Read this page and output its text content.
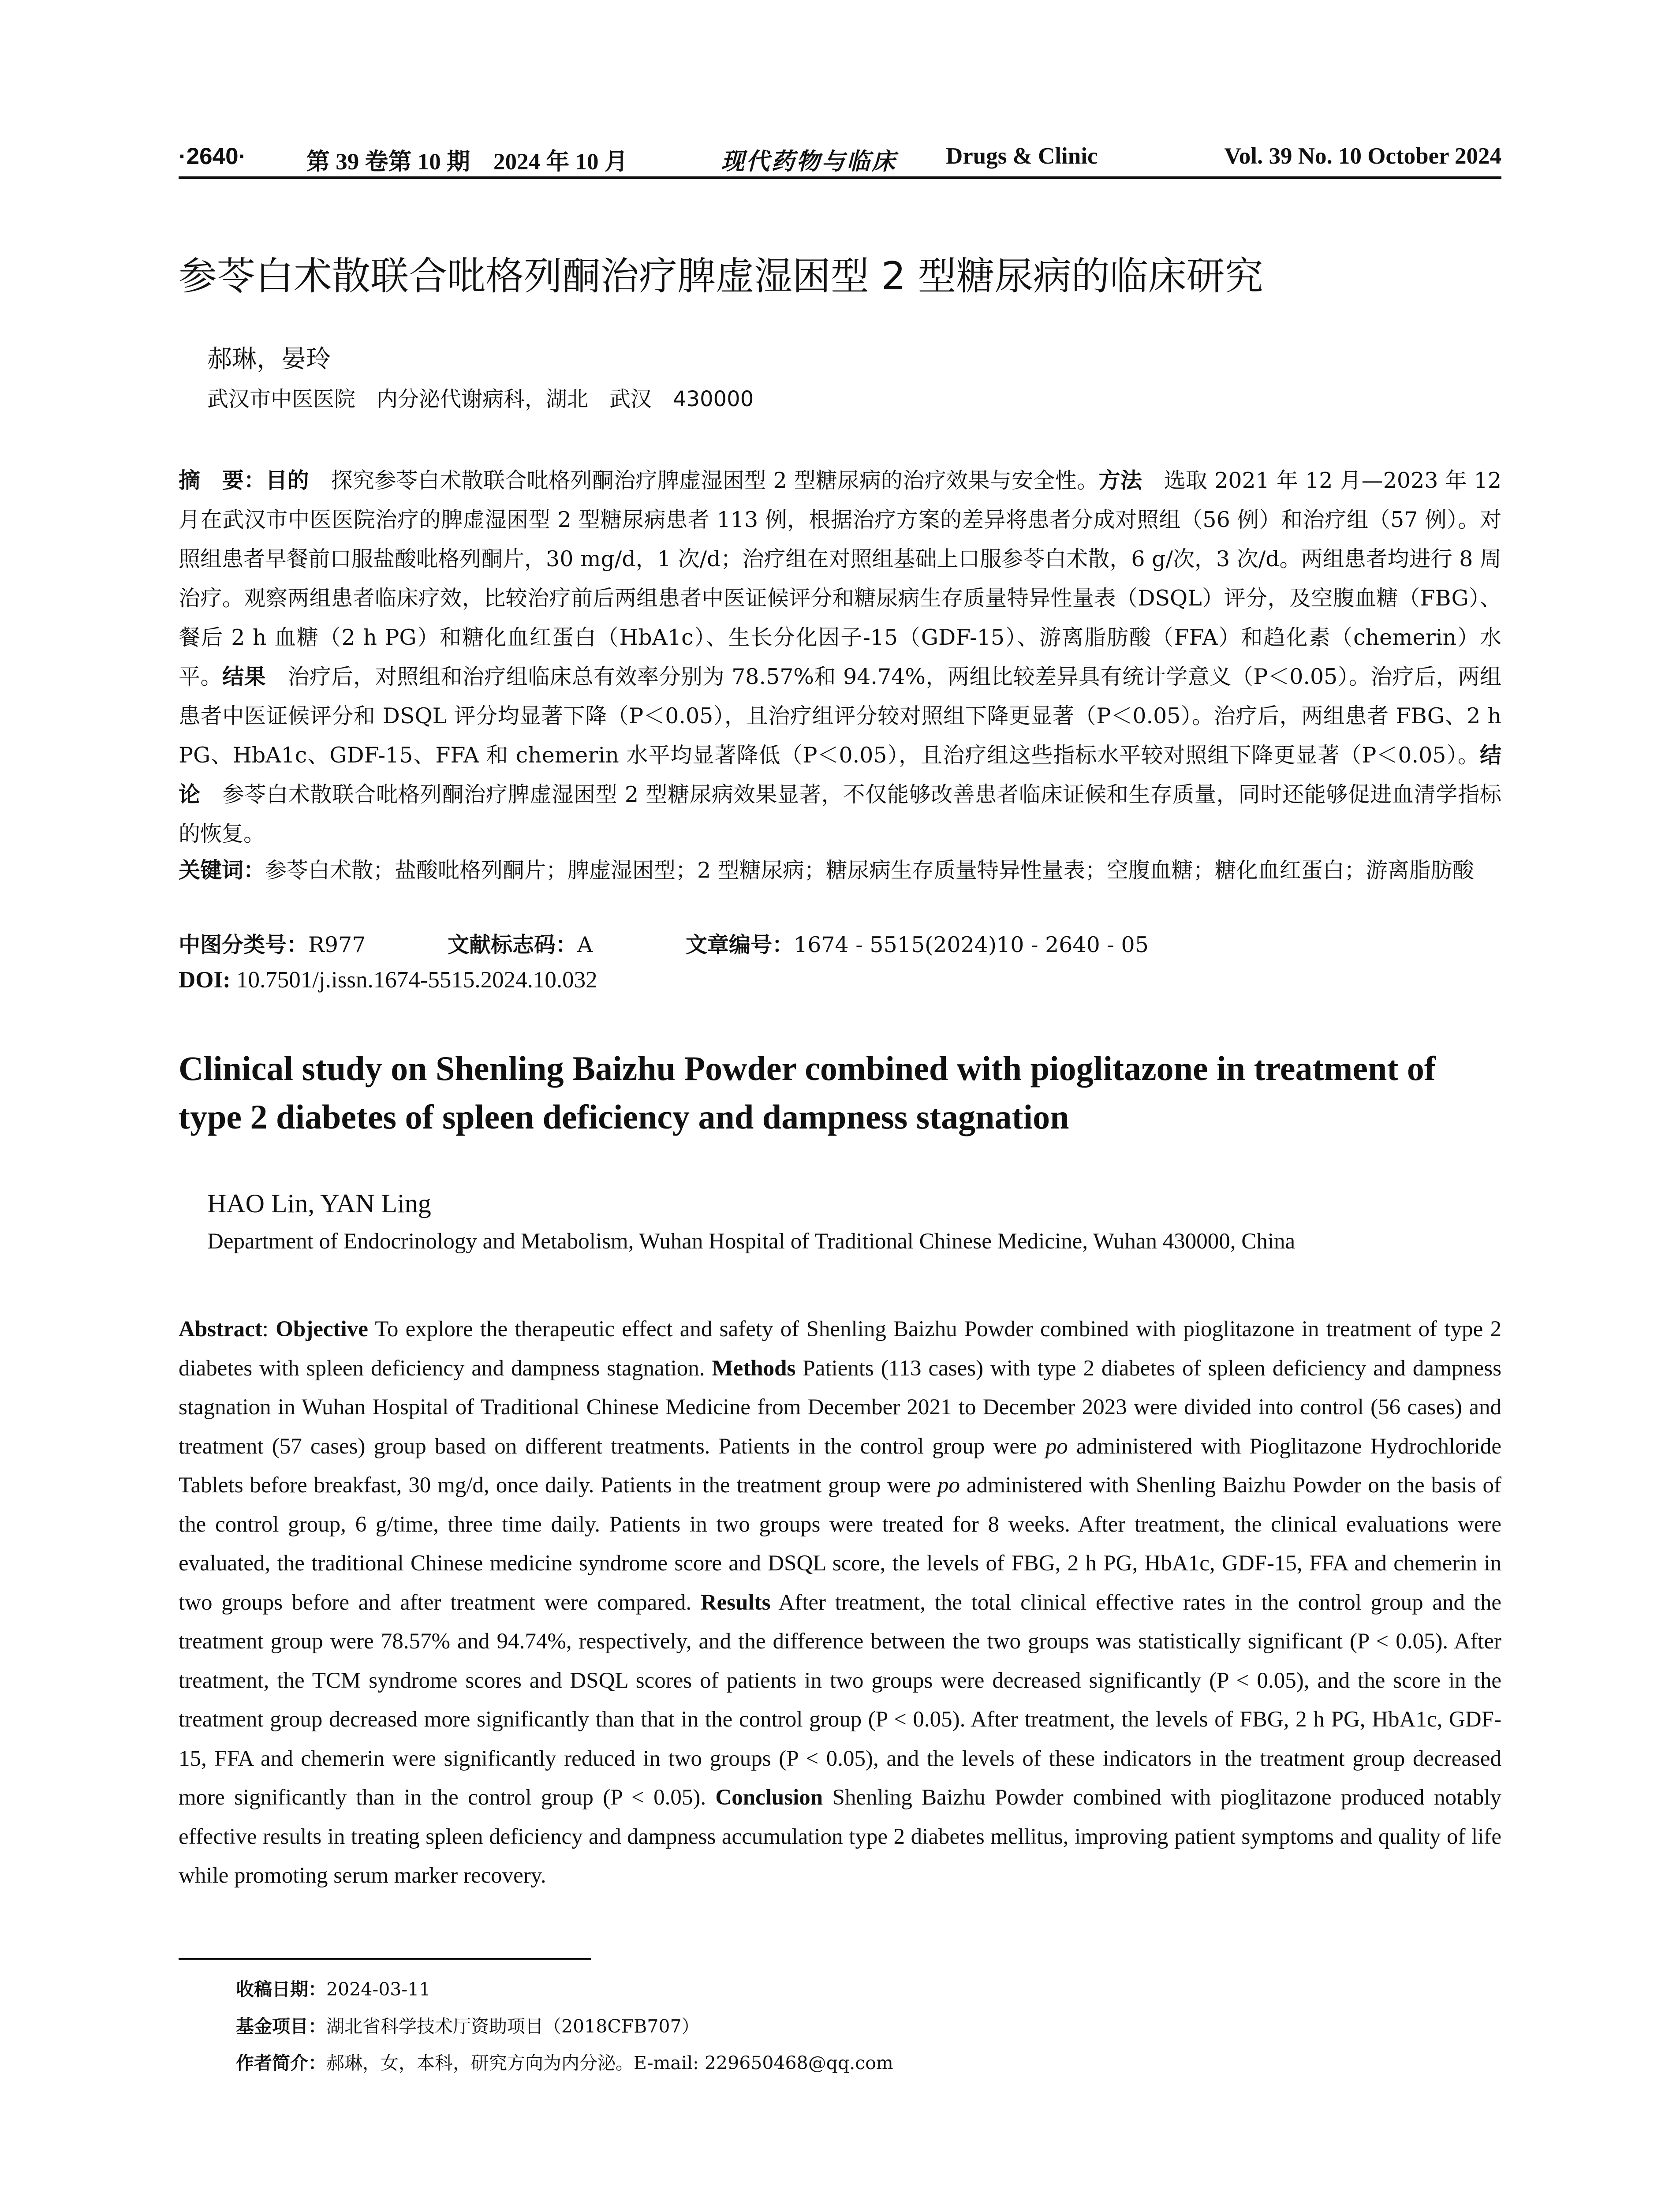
·2640·	第 39 卷第 10 期　2024 年 10 月	现代药物与临床 Drugs & Clinic	Vol. 39 No. 10 October 2024
参苓白术散联合吡格列酮治疗脾虚湿困型 2 型糖尿病的临床研究
郝琳，晏玲
武汉市中医医院　内分泌代谢病科，湖北　武汉　430000

摘　要：目的　探究参苓白术散联合吡格列酮治疗脾虚湿困型 2 型糖尿病的治疗效果与安全性。方法　选取 2021 年 12 月—2023 年 12 月在武汉市中医医院治疗的脾虚湿困型 2 型糖尿病患者 113 例，根据治疗方案的差异将患者分成对照组（56 例）和治疗组（57 例）。对照组患者早餐前口服盐酸吡格列酮片，30 mg/d，1 次/d；治疗组在对照组基础上口服参苓白术散，6 g/次，3 次/d。两组患者均进行 8 周治疗。观察两组患者临床疗效，比较治疗前后两组患者中医证候评分和糖尿病生存质量特异性量表（DSQL）评分，及空腹血糖（FBG）、餐后 2 h 血糖（2 h PG）和糖化血红蛋白（HbA1c）、生长分化因子-15（GDF-15）、游离脂肪酸（FFA）和趋化素（chemerin）水平。结果　治疗后，对照组和治疗组临床总有效率分别为 78.57%和 94.74%，两组比较差异具有统计学意义（P＜0.05）。治疗后，两组患者中医证候评分和 DSQL 评分均显著下降（P＜0.05），且治疗组评分较对照组下降更显著（P＜0.05）。治疗后，两组患者 FBG、2 h PG、HbA1c、GDF-15、FFA 和 chemerin 水平均显著降低（P＜0.05），且治疗组这些指标水平较对照组下降更显著（P＜0.05）。结论　参苓白术散联合吡格列酮治疗脾虚湿困型 2 型糖尿病效果显著，不仅能够改善患者临床证候和生存质量，同时还能够促进血清学指标的恢复。

关键词：参苓白术散；盐酸吡格列酮片；脾虚湿困型；2 型糖尿病；糖尿病生存质量特异性量表；空腹血糖；糖化血红蛋白；游离脂肪酸

中图分类号：R977	文献标志码：A	文章编号：1674 - 5515(2024)10 - 2640 - 05
DOI: 10.7501/j.issn.1674-5515.2024.10.032

Clinical study on Shenling Baizhu Powder combined with pioglitazone in treatment of type 2 diabetes of spleen deficiency and dampness stagnation

HAO Lin, YAN Ling
Department of Endocrinology and Metabolism, Wuhan Hospital of Traditional Chinese Medicine, Wuhan 430000, China

Abstract: Objective To explore the therapeutic effect and safety of Shenling Baizhu Powder combined with pioglitazone in treatment of type 2 diabetes with spleen deficiency and dampness stagnation. Methods Patients (113 cases) with type 2 diabetes of spleen deficiency and dampness stagnation in Wuhan Hospital of Traditional Chinese Medicine from December 2021 to December 2023 were divided into control (56 cases) and treatment (57 cases) group based on different treatments. Patients in the control group were po administered with Pioglitazone Hydrochloride Tablets before breakfast, 30 mg/d, once daily. Patients in the treatment group were po administered with Shenling Baizhu Powder on the basis of the control group, 6 g/time, three time daily. Patients in two groups were treated for 8 weeks. After treatment, the clinical evaluations were evaluated, the traditional Chinese medicine syndrome score and DSQL score, the levels of FBG, 2 h PG, HbA1c, GDF-15, FFA and chemerin in two groups before and after treatment were compared. Results After treatment, the total clinical effective rates in the control group and the treatment group were 78.57% and 94.74%, respectively, and the difference between the two groups was statistically significant (P < 0.05). After treatment, the TCM syndrome scores and DSQL scores of patients in two groups were decreased significantly (P < 0.05), and the score in the treatment group decreased more significantly than that in the control group (P < 0.05). After treatment, the levels of FBG, 2 h PG, HbA1c, GDF-15, FFA and chemerin were significantly reduced in two groups (P < 0.05), and the levels of these indicators in the treatment group decreased more significantly than in the control group (P < 0.05). Conclusion Shenling Baizhu Powder combined with pioglitazone produced notably effective results in treating spleen deficiency and dampness accumulation type 2 diabetes mellitus, improving patient symptoms and quality of life while promoting serum marker recovery.

收稿日期：2024-03-11
基金项目：湖北省科学技术厅资助项目（2018CFB707）
作者简介：郝琳，女，本科，研究方向为内分泌。E-mail: 229650468@qq.com
